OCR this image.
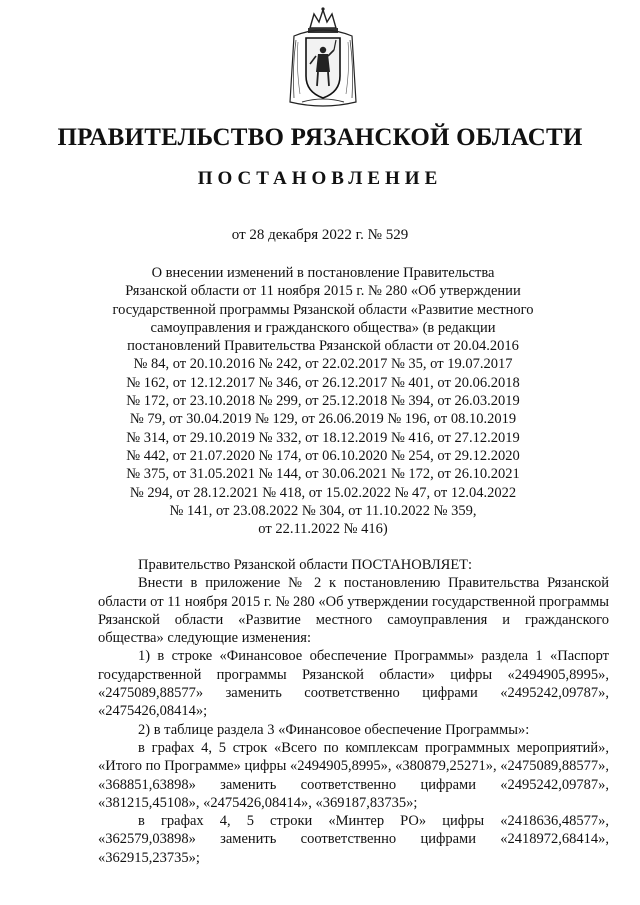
ПРАВИТЕЛЬСТВО РЯЗАНСКОЙ ОБЛАСТИ
ПОСТАНОВЛЕНИЕ
от 28 декабря 2022 г. № 529
О внесении изменений в постановление Правительства
Рязанской области от 11 ноября 2015 г. № 280 «Об утверждении
государственной программы Рязанской области «Развитие местного
самоуправления и гражданского общества» (в редакции
постановлений Правительства Рязанской области от 20.04.2016
№ 84, от 20.10.2016 № 242, от 22.02.2017 № 35, от 19.07.2017
№ 162, от 12.12.2017 № 346, от 26.12.2017 № 401, от 20.06.2018
№ 172, от 23.10.2018 № 299, от 25.12.2018 № 394, от 26.03.2019
№ 79, от 30.04.2019 № 129, от 26.06.2019 № 196, от 08.10.2019
№ 314, от 29.10.2019 № 332, от 18.12.2019 № 416, от 27.12.2019
№ 442, от 21.07.2020 № 174, от 06.10.2020 № 254, от 29.12.2020
№ 375, от 31.05.2021 № 144, от 30.06.2021 № 172, от 26.10.2021
№ 294, от 28.12.2021 № 418, от 15.02.2022 № 47, от 12.04.2022
№ 141, от 23.08.2022 № 304, от 11.10.2022 № 359,
от 22.11.2022 № 416)

Правительство Рязанской области ПОСТАНОВЛЯЕТ:

Внести в приложение № 2 к постановлению Правительства Рязанской области от 11 ноября 2015 г. № 280 «Об утверждении государственной программы Рязанской области «Развитие местного самоуправления и гражданского общества» следующие изменения:

1) в строке «Финансовое обеспечение Программы» раздела 1 «Паспорт государственной программы Рязанской области» цифры «2494905,8995», «2475089,88577» заменить соответственно цифрами «2495242,09787», «2475426,08414»;

2) в таблице раздела 3 «Финансовое обеспечение Программы»:

в графах 4, 5 строк «Всего по комплексам программных мероприятий», «Итого по Программе» цифры «2494905,8995», «380879,25271», «2475089,88577», «368851,63898» заменить соответственно цифрами «2495242,09787», «381215,45108», «2475426,08414», «369187,83735»;

в графах 4, 5 строки «Минтер РО» цифры «2418636,48577», «362579,03898» заменить соответственно цифрами «2418972,68414», «362915,23735»;
